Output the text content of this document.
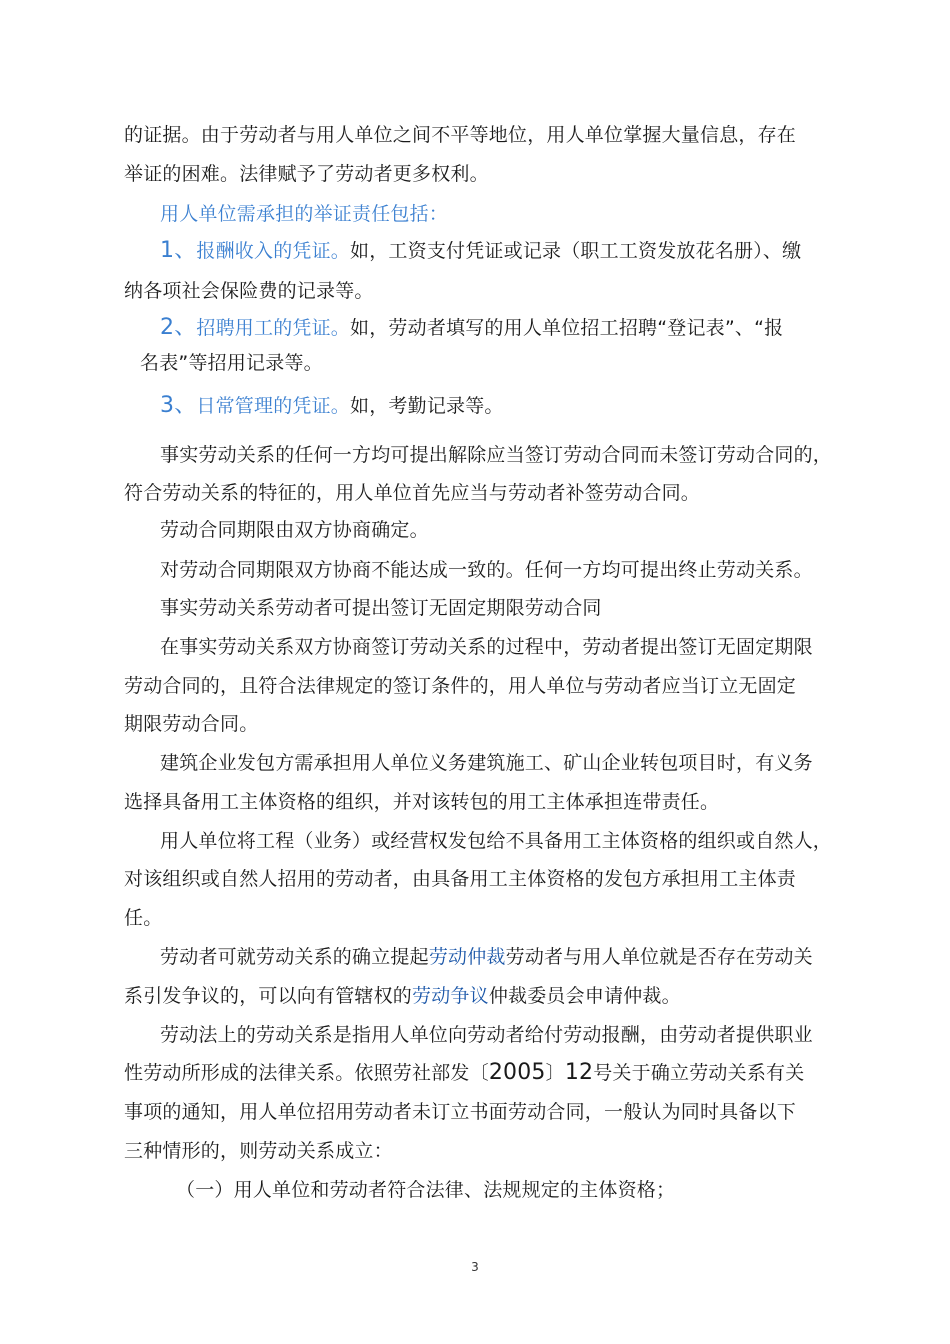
的证据。由于劳动者与用人单位之间不平等地位，用人单位掌握大量信息，存在
举证的困难。法律赋予了劳动者更多权利。
用人单位需承担的举证责任包括：
1、报酬收入的凭证。如，工资支付凭证或记录（职工工资发放花名册）、缴
纳各项社会保险费的记录等。
2、招聘用工的凭证。如，劳动者填写的用人单位招工招聘“登记表”、“报
名表”等招用记录等。
3、日常管理的凭证。如，考勤记录等。
事实劳动关系的任何一方均可提出解除应当签订劳动合同而未签订劳动合同的，
符合劳动关系的特征的，用人单位首先应当与劳动者补签劳动合同。
劳动合同期限由双方协商确定。
对劳动合同期限双方协商不能达成一致的。任何一方均可提出终止劳动关系。
事实劳动关系劳动者可提出签订无固定期限劳动合同
在事实劳动关系双方协商签订劳动关系的过程中，劳动者提出签订无固定期限
劳动合同的，且符合法律规定的签订条件的，用人单位与劳动者应当订立无固定
期限劳动合同。
建筑企业发包方需承担用人单位义务建筑施工、矿山企业转包项目时，有义务
选择具备用工主体资格的组织，并对该转包的用工主体承担连带责任。
用人单位将工程（业务）或经营权发包给不具备用工主体资格的组织或自然人，
对该组织或自然人招用的劳动者，由具备用工主体资格的发包方承担用工主体责
任。
劳动者可就劳动关系的确立提起劳动仲裁劳动者与用人单位就是否存在劳动关
系引发争议的，可以向有管辖权的劳动争议仲裁委员会申请仲裁。
劳动法上的劳动关系是指用人单位向劳动者给付劳动报酬，由劳动者提供职业
性劳动所形成的法律关系。依照劳社部发〔2005〕12号关于确立劳动关系有关
事项的通知，用人单位招用劳动者未订立书面劳动合同，一般认为同时具备以下
三种情形的，则劳动关系成立：
（一）用人单位和劳动者符合法律、法规规定的主体资格；
3
